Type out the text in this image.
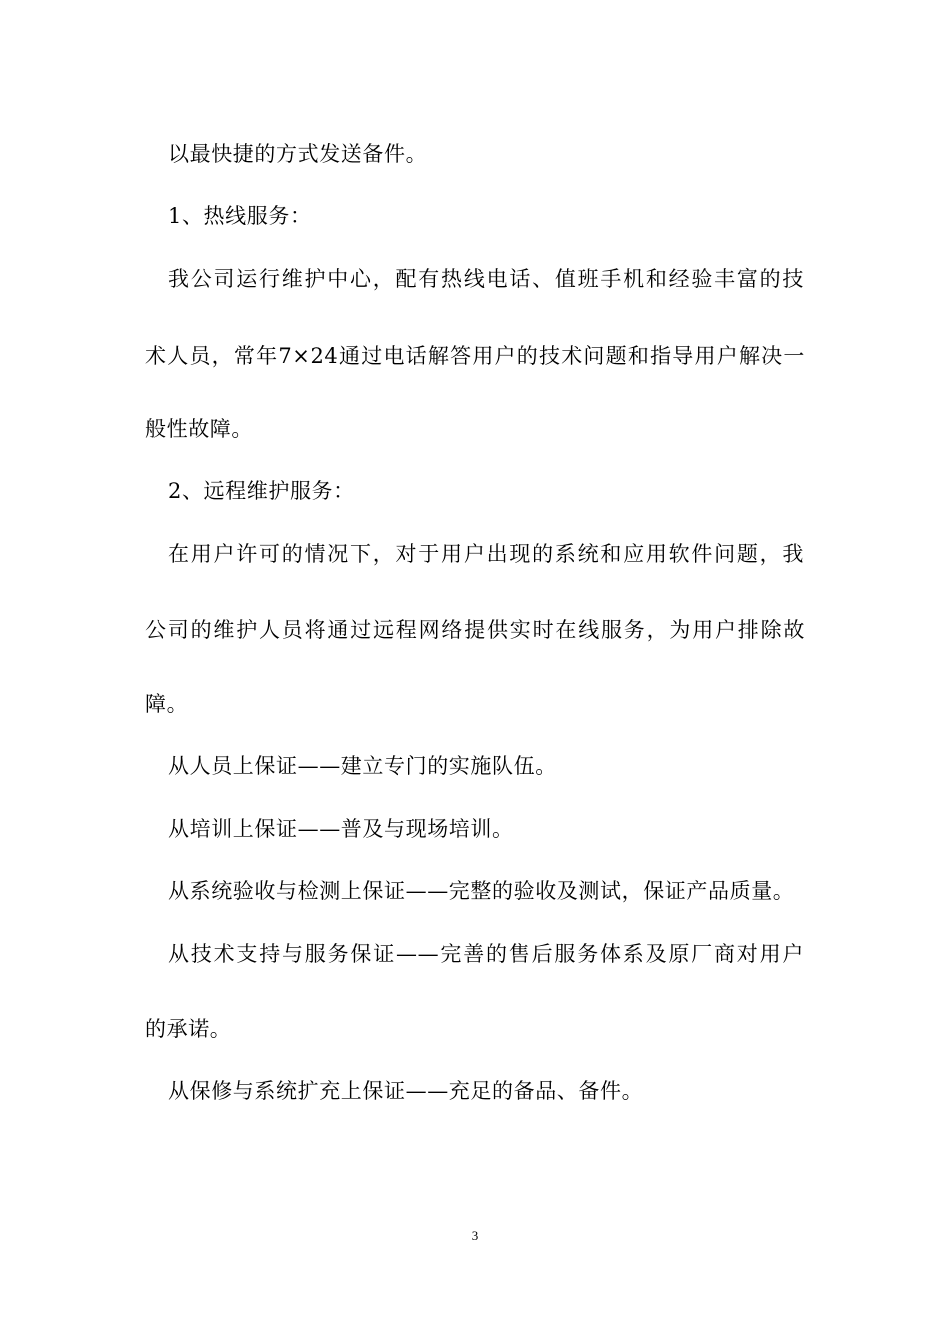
以最快捷的方式发送备件。
1、热线服务：
我公司运行维护中心，配有热线电话、值班手机和经验丰富的技
术人员，常年7×24通过电话解答用户的技术问题和指导用户解决一
般性故障。
2、远程维护服务：
在用户许可的情况下，对于用户出现的系统和应用软件问题，我
公司的维护人员将通过远程网络提供实时在线服务，为用户排除故
障。
从人员上保证——建立专门的实施队伍。
从培训上保证——普及与现场培训。
从系统验收与检测上保证——完整的验收及测试，保证产品质量。
从技术支持与服务保证——完善的售后服务体系及原厂商对用户
的承诺。
从保修与系统扩充上保证——充足的备品、备件。
3
